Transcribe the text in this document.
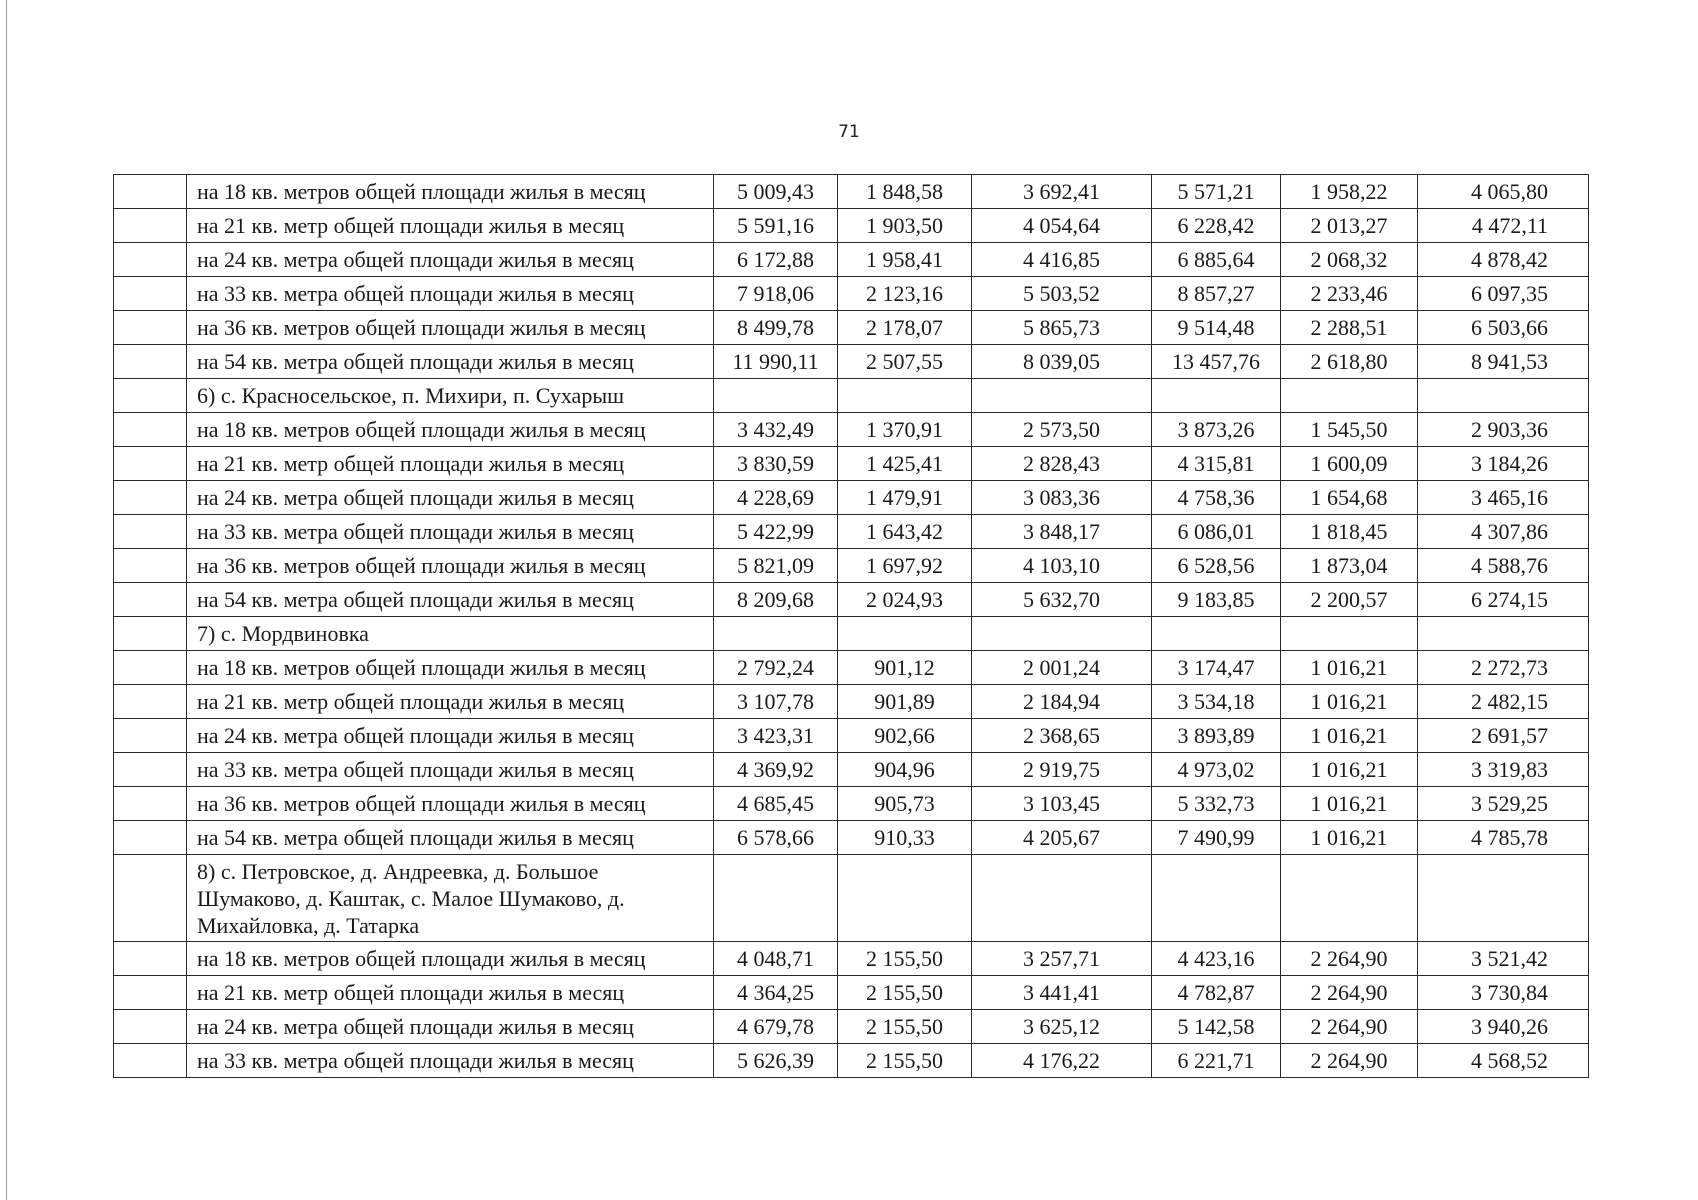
71
	на 18 кв. метров общей площади жилья в месяц	5 009,43	1 848,58	3 692,41	5 571,21	1 958,22	4 065,80
	на 21 кв. метр общей площади жилья в месяц	5 591,16	1 903,50	4 054,64	6 228,42	2 013,27	4 472,11
	на 24 кв. метра общей площади жилья в месяц	6 172,88	1 958,41	4 416,85	6 885,64	2 068,32	4 878,42
	на 33 кв. метра общей площади жилья в месяц	7 918,06	2 123,16	5 503,52	8 857,27	2 233,46	6 097,35
	на 36 кв. метров общей площади жилья в месяц	8 499,78	2 178,07	5 865,73	9 514,48	2 288,51	6 503,66
	на 54 кв. метра общей площади жилья в месяц	11 990,11	2 507,55	8 039,05	13 457,76	2 618,80	8 941,53
	6) с. Красносельское, п. Михири, п. Сухарыш						
	на 18 кв. метров общей площади жилья в месяц	3 432,49	1 370,91	2 573,50	3 873,26	1 545,50	2 903,36
	на 21 кв. метр общей площади жилья в месяц	3 830,59	1 425,41	2 828,43	4 315,81	1 600,09	3 184,26
	на 24 кв. метра общей площади жилья в месяц	4 228,69	1 479,91	3 083,36	4 758,36	1 654,68	3 465,16
	на 33 кв. метра общей площади жилья в месяц	5 422,99	1 643,42	3 848,17	6 086,01	1 818,45	4 307,86
	на 36 кв. метров общей площади жилья в месяц	5 821,09	1 697,92	4 103,10	6 528,56	1 873,04	4 588,76
	на 54 кв. метра общей площади жилья в месяц	8 209,68	2 024,93	5 632,70	9 183,85	2 200,57	6 274,15
	7) с. Мордвиновка						
	на 18 кв. метров общей площади жилья в месяц	2 792,24	901,12	2 001,24	3 174,47	1 016,21	2 272,73
	на 21 кв. метр общей площади жилья в месяц	3 107,78	901,89	2 184,94	3 534,18	1 016,21	2 482,15
	на 24 кв. метра общей площади жилья в месяц	3 423,31	902,66	2 368,65	3 893,89	1 016,21	2 691,57
	на 33 кв. метра общей площади жилья в месяц	4 369,92	904,96	2 919,75	4 973,02	1 016,21	3 319,83
	на 36 кв. метров общей площади жилья в месяц	4 685,45	905,73	3 103,45	5 332,73	1 016,21	3 529,25
	на 54 кв. метра общей площади жилья в месяц	6 578,66	910,33	4 205,67	7 490,99	1 016,21	4 785,78
	8) с. Петровское, д. Андреевка, д. Большое Шумаково, д. Каштак, с. Малое Шумаково, д. Михайловка, д. Татарка						
	на 18 кв. метров общей площади жилья в месяц	4 048,71	2 155,50	3 257,71	4 423,16	2 264,90	3 521,42
	на 21 кв. метр общей площади жилья в месяц	4 364,25	2 155,50	3 441,41	4 782,87	2 264,90	3 730,84
	на 24 кв. метра общей площади жилья в месяц	4 679,78	2 155,50	3 625,12	5 142,58	2 264,90	3 940,26
	на 33 кв. метра общей площади жилья в месяц	5 626,39	2 155,50	4 176,22	6 221,71	2 264,90	4 568,52
